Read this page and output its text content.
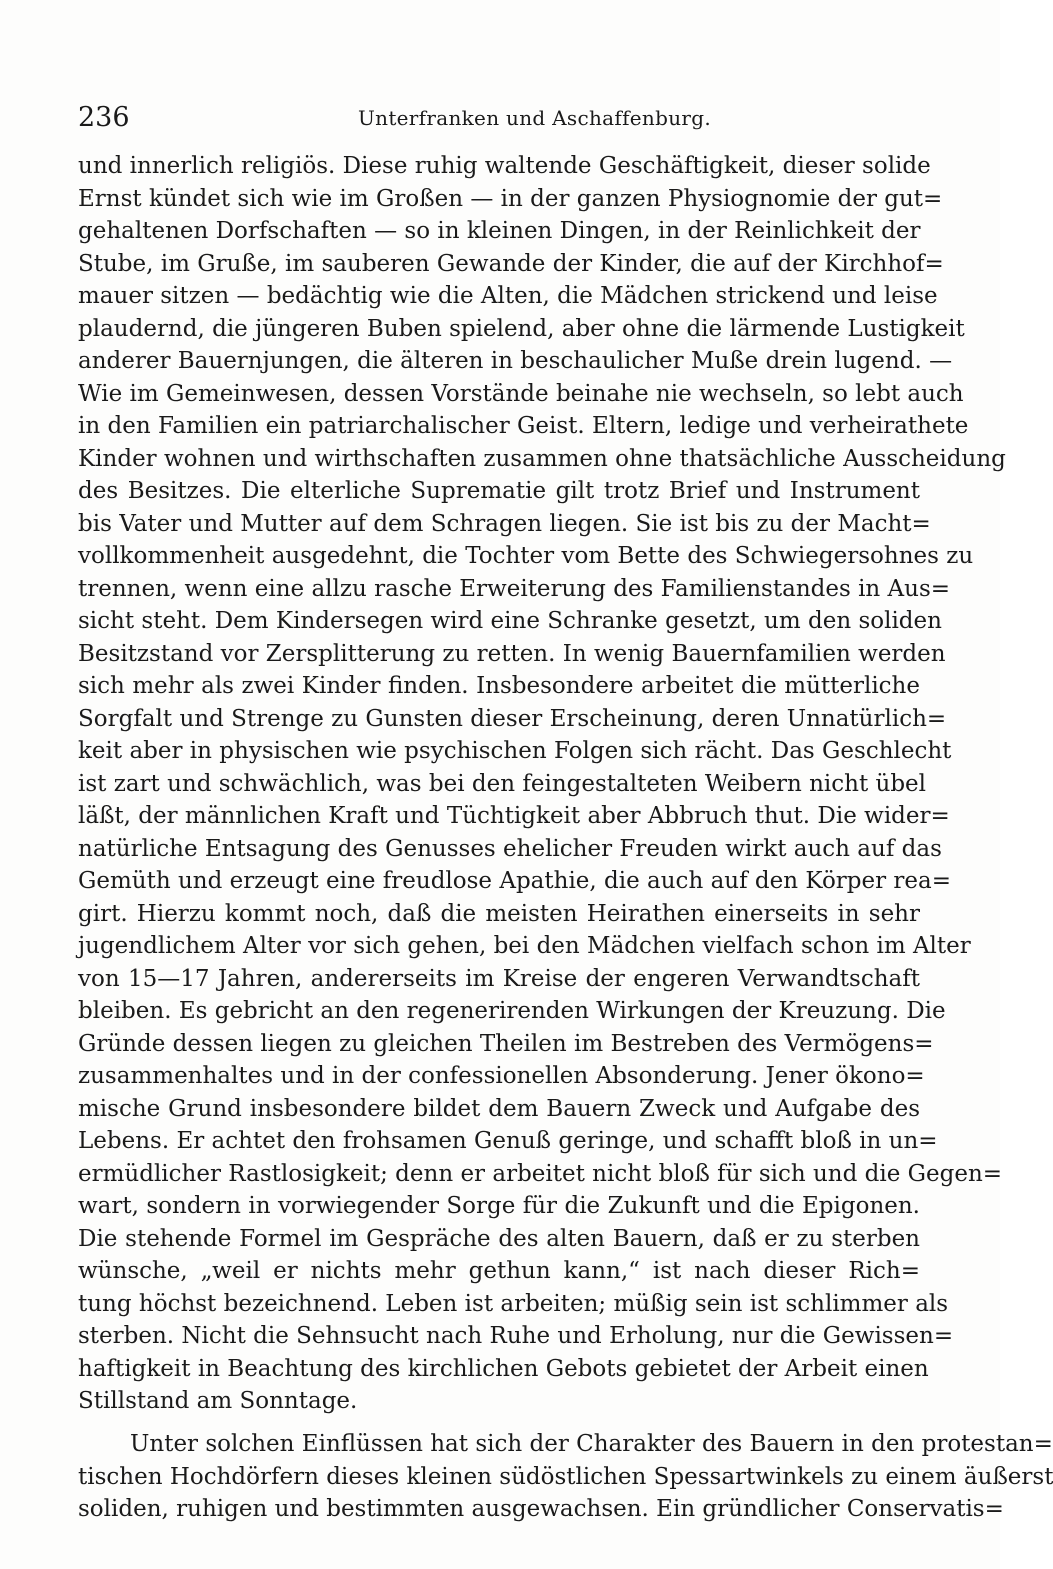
236	Unterfranken und Aschaffenburg.
und innerlich religiös. Diese ruhig waltende Geschäftigkeit, dieser solide
Ernst kündet sich wie im Großen — in der ganzen Physiognomie der gut=
gehaltenen Dorfschaften — so in kleinen Dingen, in der Reinlichkeit der
Stube, im Gruße, im sauberen Gewande der Kinder, die auf der Kirchhof=
mauer sitzen — bedächtig wie die Alten, die Mädchen strickend und leise
plaudernd, die jüngeren Buben spielend, aber ohne die lärmende Lustigkeit
anderer Bauernjungen, die älteren in beschaulicher Muße drein lugend. —
Wie im Gemeinwesen, dessen Vorstände beinahe nie wechseln, so lebt auch
in den Familien ein patriarchalischer Geist. Eltern, ledige und verheirathete
Kinder wohnen und wirthschaften zusammen ohne thatsächliche Ausscheidung
des Besitzes. Die elterliche Suprematie gilt trotz Brief und Instrument
bis Vater und Mutter auf dem Schragen liegen. Sie ist bis zu der Macht=
vollkommenheit ausgedehnt, die Tochter vom Bette des Schwiegersohnes zu
trennen, wenn eine allzu rasche Erweiterung des Familienstandes in Aus=
sicht steht. Dem Kindersegen wird eine Schranke gesetzt, um den soliden
Besitzstand vor Zersplitterung zu retten. In wenig Bauernfamilien werden
sich mehr als zwei Kinder finden. Insbesondere arbeitet die mütterliche
Sorgfalt und Strenge zu Gunsten dieser Erscheinung, deren Unnatürlich=
keit aber in physischen wie psychischen Folgen sich rächt. Das Geschlecht
ist zart und schwächlich, was bei den feingestalteten Weibern nicht übel
läßt, der männlichen Kraft und Tüchtigkeit aber Abbruch thut. Die wider=
natürliche Entsagung des Genusses ehelicher Freuden wirkt auch auf das
Gemüth und erzeugt eine freudlose Apathie, die auch auf den Körper rea=
girt. Hierzu kommt noch, daß die meisten Heirathen einerseits in sehr
jugendlichem Alter vor sich gehen, bei den Mädchen vielfach schon im Alter
von 15—17 Jahren, andererseits im Kreise der engeren Verwandtschaft
bleiben. Es gebricht an den regenerirenden Wirkungen der Kreuzung. Die
Gründe dessen liegen zu gleichen Theilen im Bestreben des Vermögens=
zusammenhaltes und in der confessionellen Absonderung. Jener ökono=
mische Grund insbesondere bildet dem Bauern Zweck und Aufgabe des
Lebens. Er achtet den frohsamen Genuß geringe, und schafft bloß in un=
ermüdlicher Rastlosigkeit; denn er arbeitet nicht bloß für sich und die Gegen=
wart, sondern in vorwiegender Sorge für die Zukunft und die Epigonen.
Die stehende Formel im Gespräche des alten Bauern, daß er zu sterben
wünsche, „weil er nichts mehr gethun kann,“ ist nach dieser Rich=
tung höchst bezeichnend. Leben ist arbeiten; müßig sein ist schlimmer als
sterben. Nicht die Sehnsucht nach Ruhe und Erholung, nur die Gewissen=
haftigkeit in Beachtung des kirchlichen Gebots gebietet der Arbeit einen
Stillstand am Sonntage.
Unter solchen Einflüssen hat sich der Charakter des Bauern in den protestan=
tischen Hochdörfern dieses kleinen südöstlichen Spessartwinkels zu einem äußerst
soliden, ruhigen und bestimmten ausgewachsen. Ein gründlicher Conservatis=
